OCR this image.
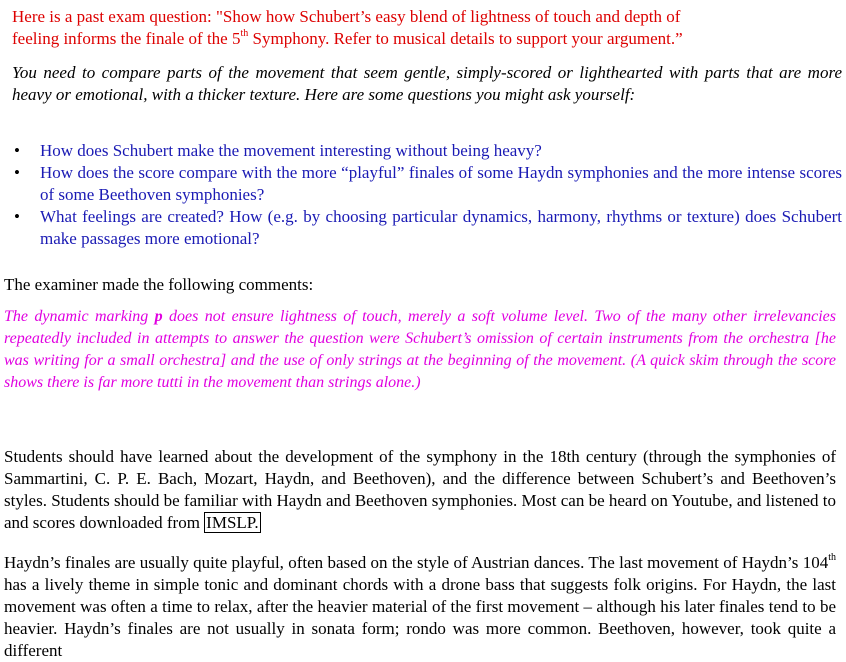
Here is a past exam question: "Show how Schubert’s easy blend of lightness of touch and depth of
feeling informs the finale of the 5th Symphony. Refer to musical details to support your argument.”
You need to compare parts of the movement that seem gentle, simply-scored or lighthearted with parts that are more heavy or emotional, with a thicker texture. Here are some questions you might ask yourself:
• How does Schubert make the movement interesting without being heavy?
• How does the score compare with the more “playful” finales of some Haydn symphonies and the more intense scores of some Beethoven symphonies?
• What feelings are created? How (e.g. by choosing particular dynamics, harmony, rhythms or texture) does Schubert make passages more emotional?
The examiner made the following comments:
The dynamic marking p does not ensure lightness of touch, merely a soft volume level. Two of the many other irrelevancies repeatedly included in attempts to answer the question were Schubert’s omission of certain instruments from the orchestra [he was writing for a small orchestra] and the use of only strings at the beginning of the movement. (A quick skim through the score shows there is far more tutti in the movement than strings alone.)
Students should have learned about the development of the symphony in the 18th century (through the symphonies of Sammartini, C. P. E. Bach, Mozart, Haydn, and Beethoven), and the difference between Schubert’s and Beethoven’s styles. Students should be familiar with Haydn and Beethoven symphonies. Most can be heard on Youtube, and listened to and scores downloaded from IMSLP.
Haydn’s finales are usually quite playful, often based on the style of Austrian dances. The last movement of Haydn’s 104th has a lively theme in simple tonic and dominant chords with a drone bass that suggests folk origins. For Haydn, the last movement was often a time to relax, after the heavier material of the first movement – although his later finales tend to be heavier. Haydn’s finales are not usually in sonata form; rondo was more common. Beethoven, however, took quite a different
